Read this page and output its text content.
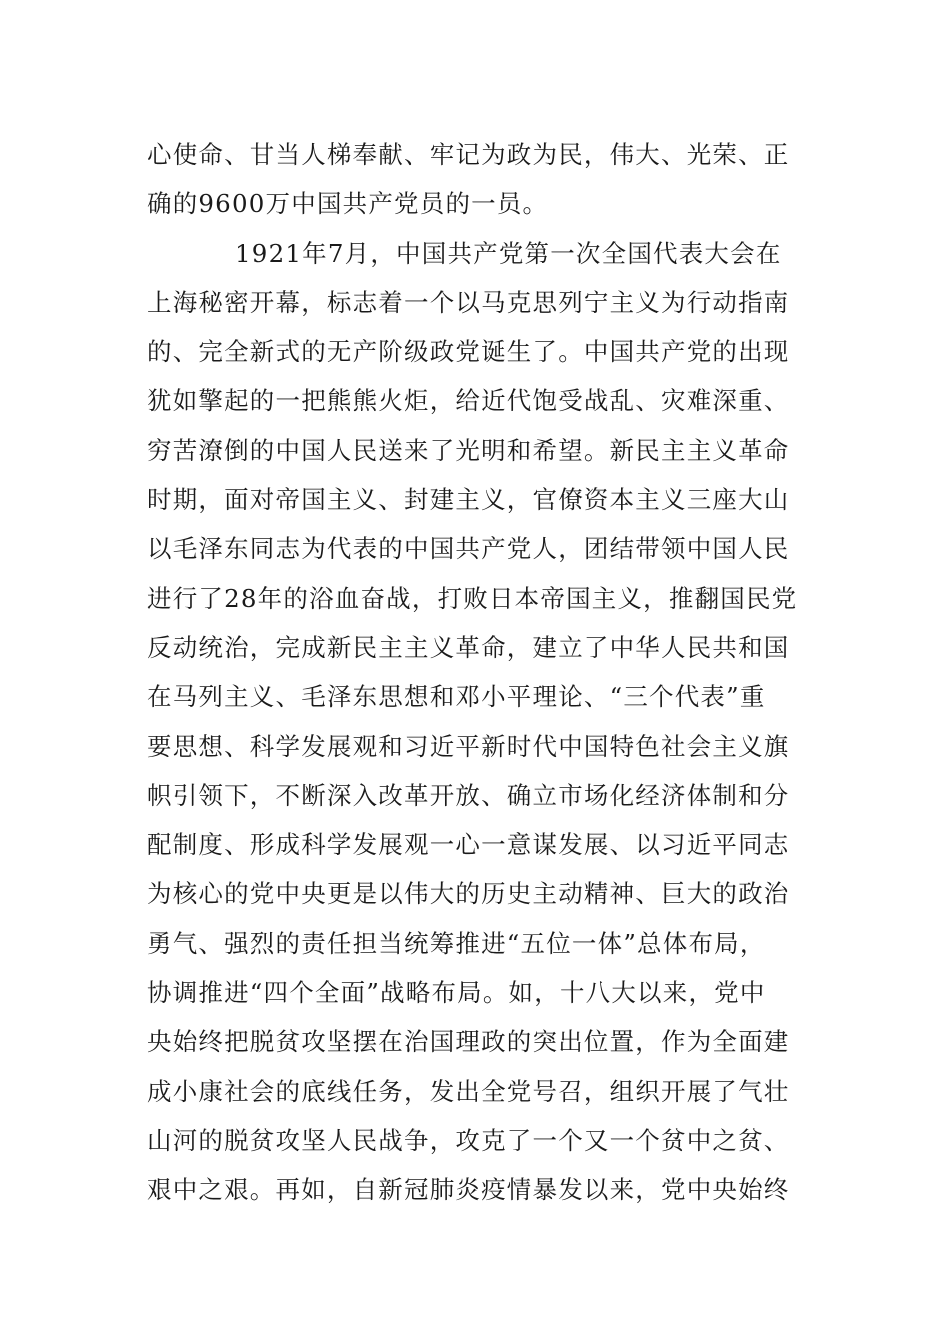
心使命、甘当人梯奉献、牢记为政为民，伟大、光荣、正
确的9600万中国共产党员的一员。
1921年7月，中国共产党第一次全国代表大会在
上海秘密开幕，标志着一个以马克思列宁主义为行动指南
的、完全新式的无产阶级政党诞生了。中国共产党的出现
犹如擎起的一把熊熊火炬，给近代饱受战乱、灾难深重、
穷苦潦倒的中国人民送来了光明和希望。新民主主义革命
时期，面对帝国主义、封建主义，官僚资本主义三座大山
以毛泽东同志为代表的中国共产党人，团结带领中国人民
进行了28年的浴血奋战，打败日本帝国主义，推翻国民党
反动统治，完成新民主主义革命，建立了中华人民共和国
在马列主义、毛泽东思想和邓小平理论、“三个代表”重
要思想、科学发展观和习近平新时代中国特色社会主义旗
帜引领下，不断深入改革开放、确立市场化经济体制和分
配制度、形成科学发展观一心一意谋发展、以习近平同志
为核心的党中央更是以伟大的历史主动精神、巨大的政治
勇气、强烈的责任担当统筹推进“五位一体”总体布局，
协调推进“四个全面”战略布局。如，十八大以来，党中
央始终把脱贫攻坚摆在治国理政的突出位置，作为全面建
成小康社会的底线任务，发出全党号召，组织开展了气壮
山河的脱贫攻坚人民战争，攻克了一个又一个贫中之贫、
艰中之艰。再如，自新冠肺炎疫情暴发以来，党中央始终
